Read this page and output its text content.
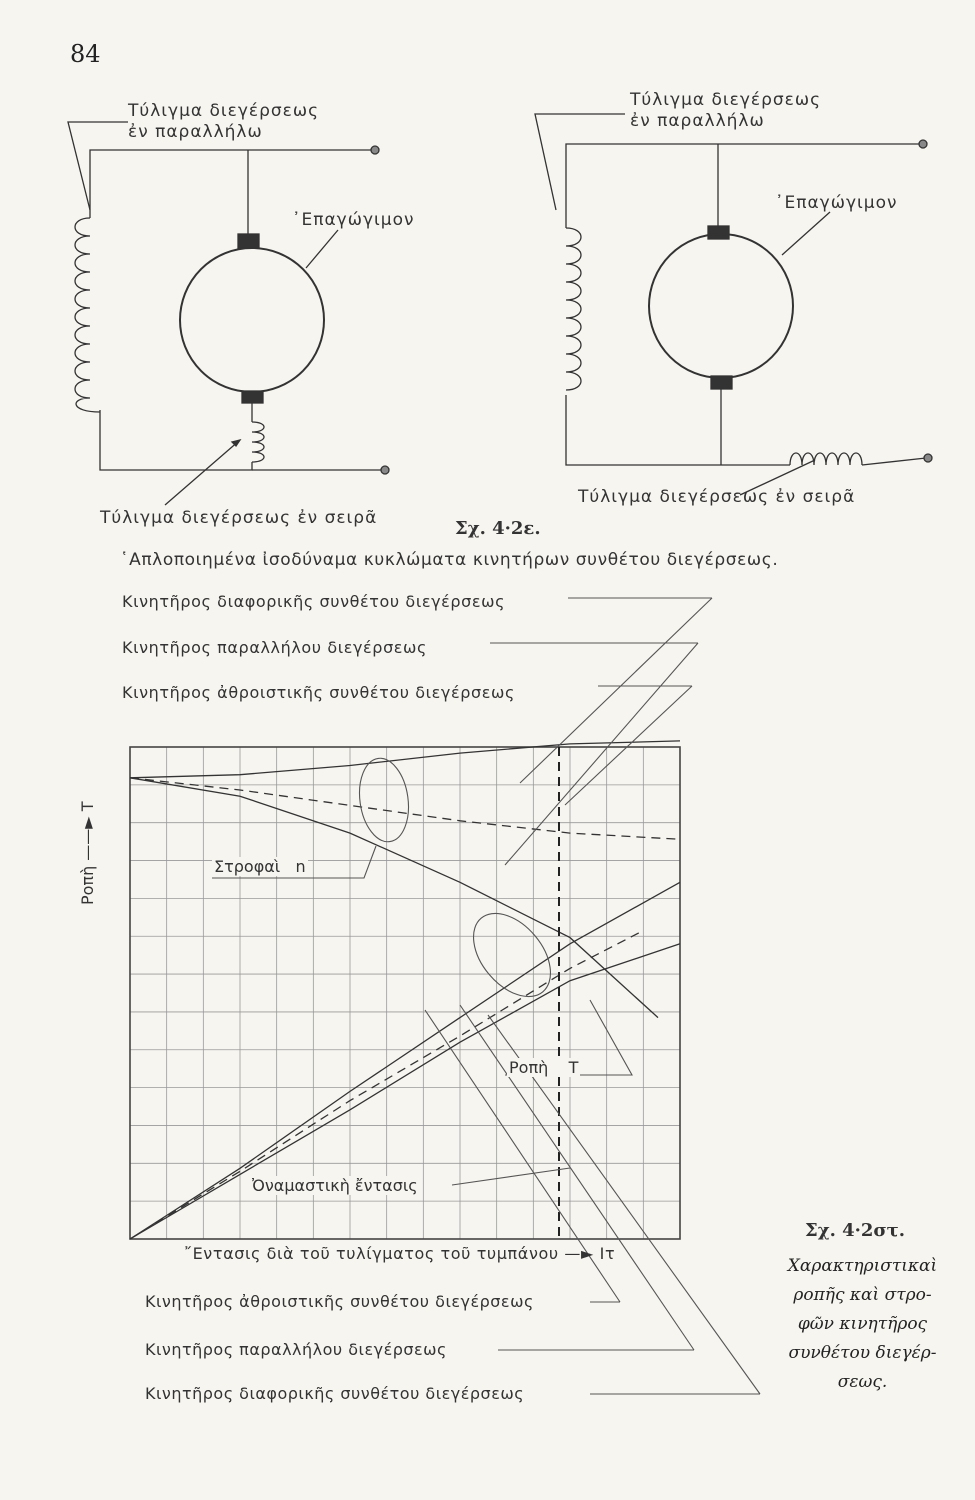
84
Τύλιγμα διεγέρσεως
ἐν παραλλήλω
᾿Επαγώγιμον
Τύλιγμα διεγέρσεως ἐν σειρᾶ
Τύλιγμα διεγέρσεως
ἐν παραλλήλω
᾿Επαγώγιμον
Τύλιγμα διεγέρσεως ἐν σειρᾶ
Σχ. 4·2ε.
῾Απλοποιημένα ἰσοδύναμα κυκλώματα κινητήρων συνθέτου διεγέρσεως.
Κινητῆρος διαφορικῆς συνθέτου διεγέρσεως
Κινητῆρος παραλλήλου διεγέρσεως
Κινητῆρος ἀθροιστικῆς συνθέτου διεγέρσεως
Ροπὴ ——► T
Στροφαὶ n
Ροπὴ T
Ὀναμαστικὴ ἔντασις
῎Εντασις διὰ τοῦ τυλίγματος τοῦ τυμπάνου —► Iτ
Κινητῆρος ἀθροιστικῆς συνθέτου διεγέρσεως
Κινητῆρος παραλλήλου διεγέρσεως
Κινητῆρος διαφορικῆς συνθέτου διεγέρσεως
Σχ. 4·2στ.
Χαρακτηριστικαὶ
ροπῆς καὶ στρο-
φῶν κινητῆρος
συνθέτου διεγέρ-
σεως.
